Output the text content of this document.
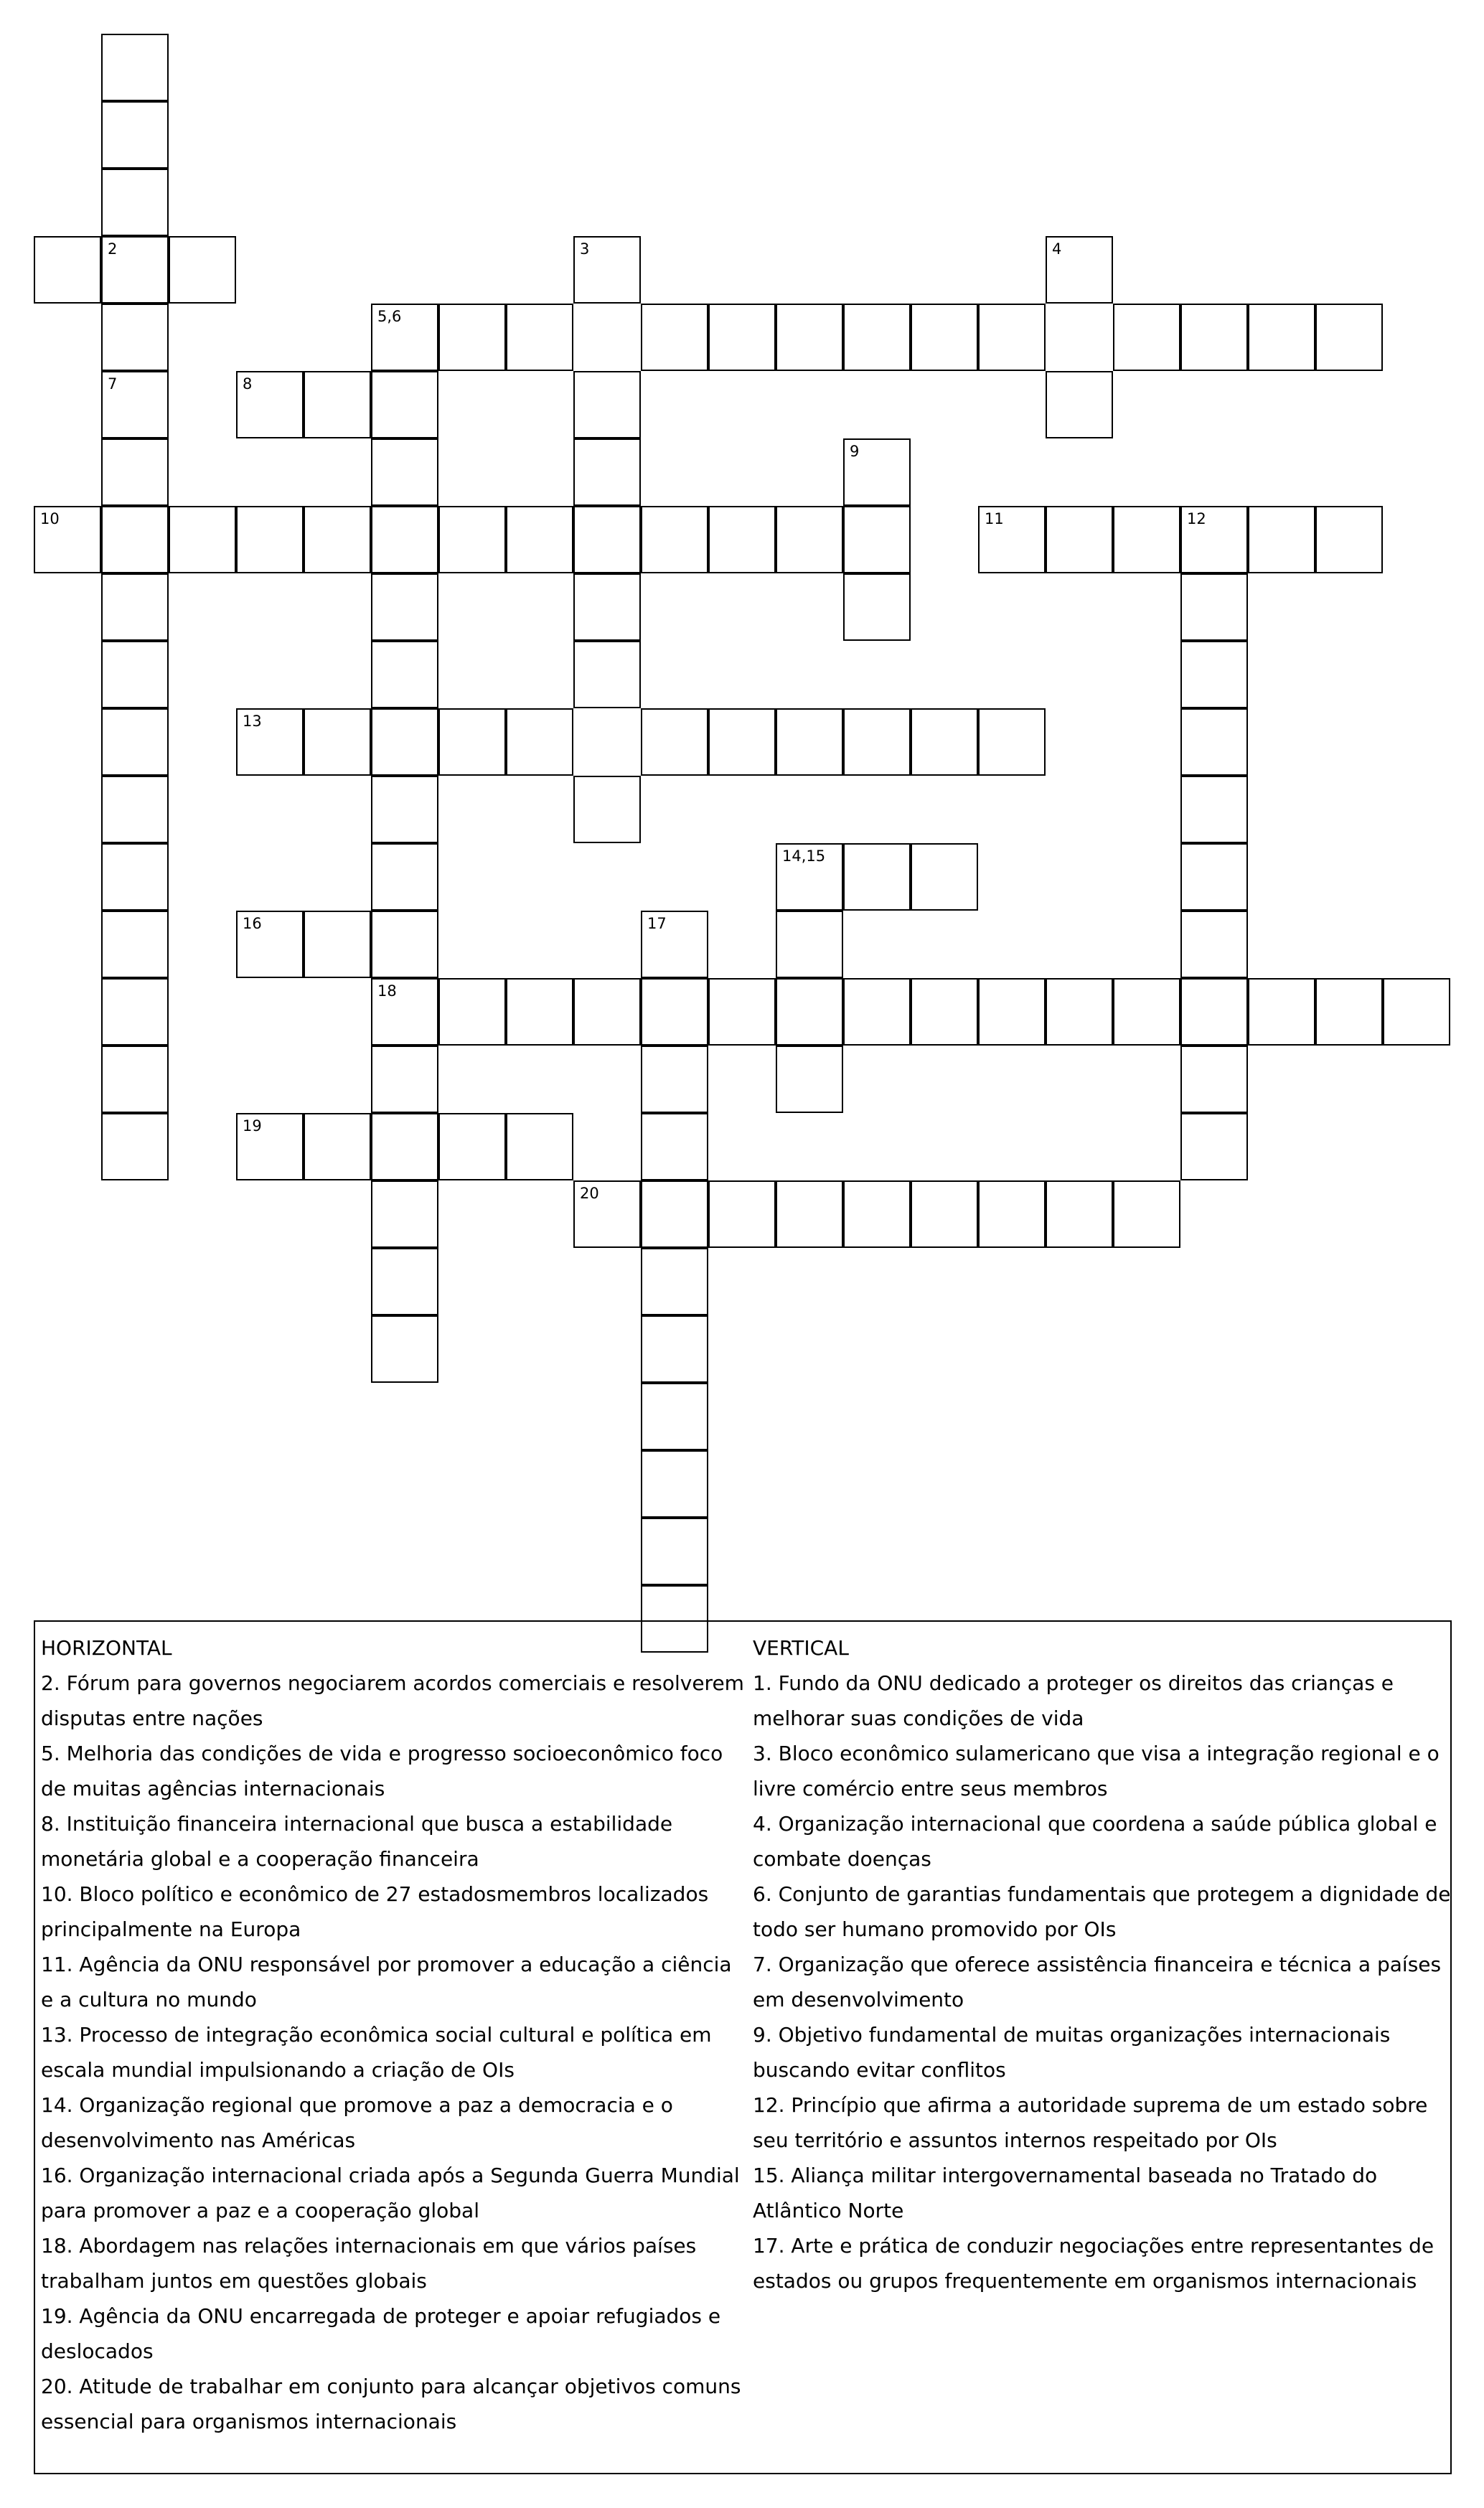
2	3	4
5,6
7	8
18
9
10	11	12
13
14,15
16	17
19
20
HORIZONTAL
2. Fórum para governos negociarem acordos comerciais e resolverem disputas entre nações
5. Melhoria das condições de vida e progresso socioeconômico foco de muitas agências internacionais
8. Instituição financeira internacional que busca a estabilidade monetária global e a cooperação financeira
10. Bloco político e econômico de 27 estadosmembros localizados principalmente na Europa
11. Agência da ONU responsável por promover a educação a ciência e a cultura no mundo
13. Processo de integração econômica social cultural e política em escala mundial impulsionando a criação de OIs
14. Organização regional que promove a paz a democracia e o desenvolvimento nas Américas
16. Organização internacional criada após a Segunda Guerra Mundial para promover a paz e a cooperação global
18. Abordagem nas relações internacionais em que vários países trabalham juntos em questões globais
19. Agência da ONU encarregada de proteger e apoiar refugiados e deslocados
20. Atitude de trabalhar em conjunto para alcançar objetivos comuns essencial para organismos internacionais
VERTICAL
1. Fundo da ONU dedicado a proteger os direitos das crianças e melhorar suas condições de vida
3. Bloco econômico sulamericano que visa a integração regional e o livre comércio entre seus membros
4. Organização internacional que coordena a saúde pública global e combate doenças
6. Conjunto de garantias fundamentais que protegem a dignidade de todo ser humano promovido por OIs
7. Organização que oferece assistência financeira e técnica a países em desenvolvimento
9. Objetivo fundamental de muitas organizações internacionais buscando evitar conflitos
12. Princípio que afirma a autoridade suprema de um estado sobre seu território e assuntos internos respeitado por OIs
15. Aliança militar intergovernamental baseada no Tratado do Atlântico Norte
17. Arte e prática de conduzir negociações entre representantes de estados ou grupos frequentemente em organismos internacionais
